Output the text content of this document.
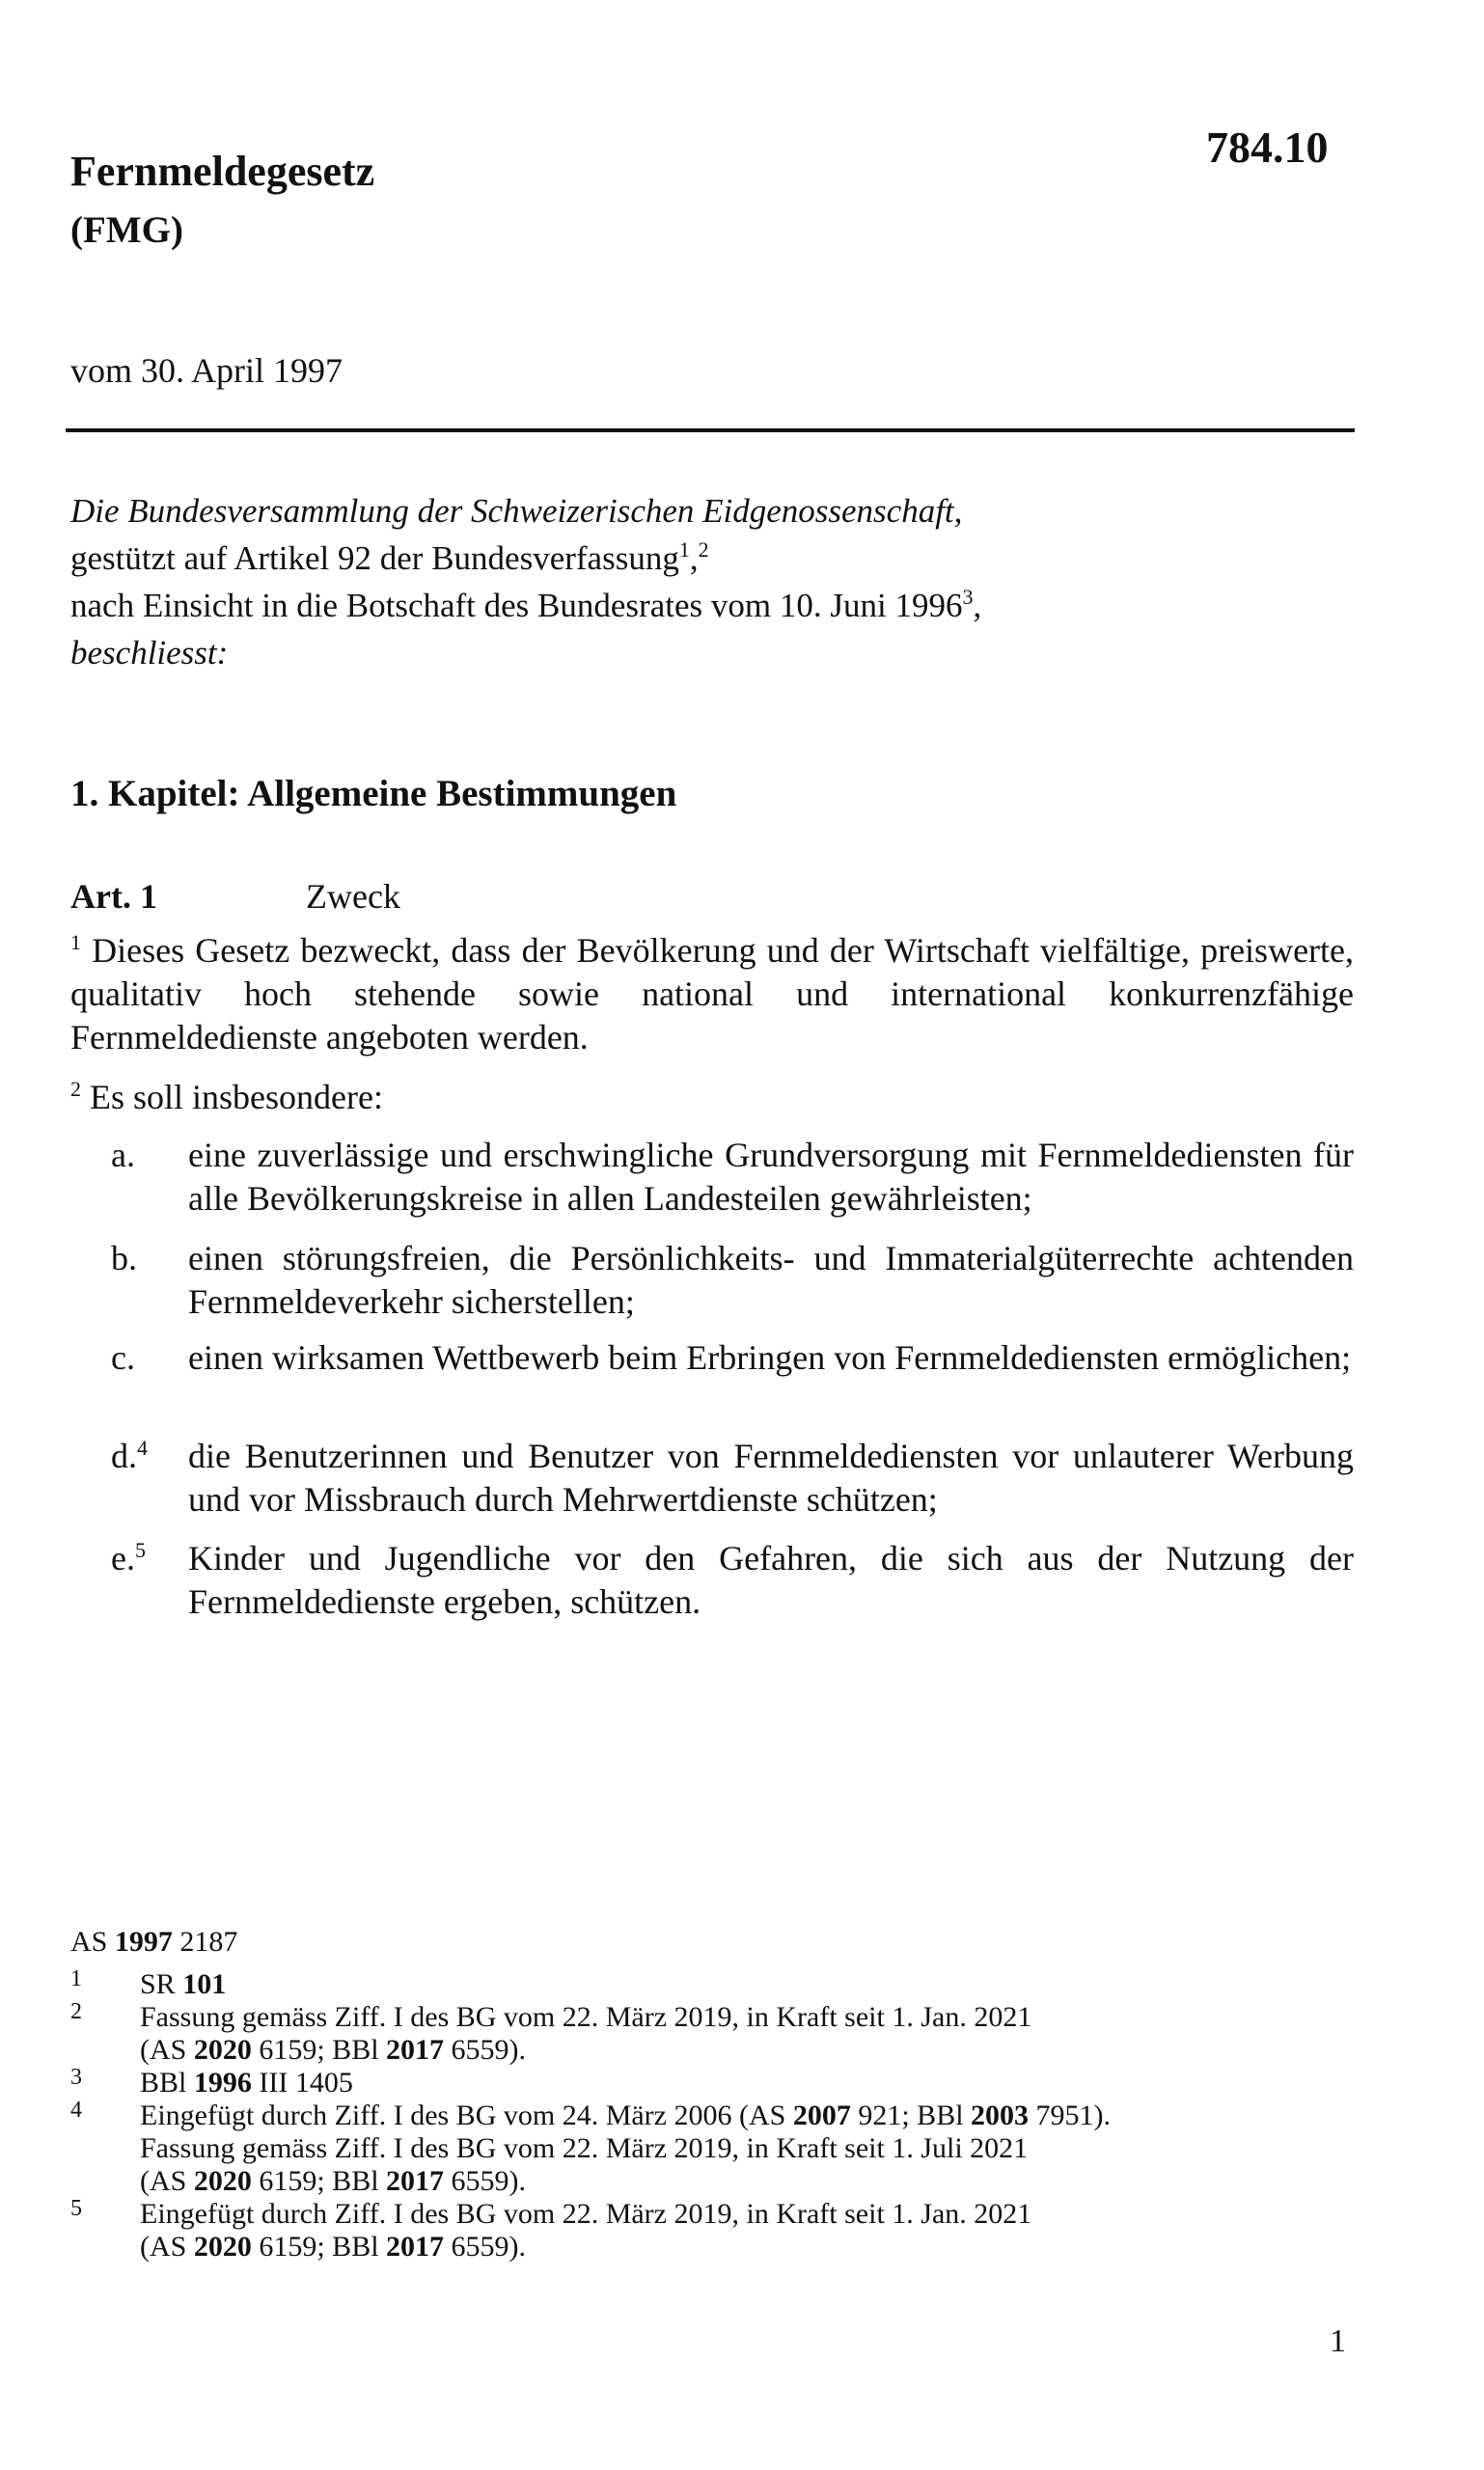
Fernmeldegesetz
(FMG)
784.10
vom 30. April 1997
Die Bundesversammlung der Schweizerischen Eidgenossenschaft,
gestützt auf Artikel 92 der Bundesverfassung$^1$,$^2$
nach Einsicht in die Botschaft des Bundesrates vom 10. Juni 1996$^3$,
beschliesst:
1. Kapitel: Allgemeine Bestimmungen
Art. 1	Zweck
$^1$ Dieses Gesetz bezweckt, dass der Bevölkerung und der Wirtschaft vielfältige, preiswerte, qualitativ hoch stehende sowie national und international konkurrenzfähige Fernmeldedienste angeboten werden.
$^2$ Es soll insbesondere:
a. eine zuverlässige und erschwingliche Grundversorgung mit Fernmeldediensten für alle Bevölkerungskreise in allen Landesteilen gewährleisten;
b. einen störungsfreien, die Persönlichkeits- und Immaterialgüterrechte achtenden Fernmeldeverkehr sicherstellen;
c. einen wirksamen Wettbewerb beim Erbringen von Fernmeldediensten ermöglichen;
d.$^4$ die Benutzerinnen und Benutzer von Fernmeldediensten vor unlauterer Werbung und vor Missbrauch durch Mehrwertdienste schützen;
e.$^5$ Kinder und Jugendliche vor den Gefahren, die sich aus der Nutzung der Fernmeldedienste ergeben, schützen.
AS 1997 2187
1 SR 101
2 Fassung gemäss Ziff. I des BG vom 22. März 2019, in Kraft seit 1. Jan. 2021
(AS 2020 6159; BBl 2017 6559).
3 BBl 1996 III 1405
4 Eingefügt durch Ziff. I des BG vom 24. März 2006 (AS 2007 921; BBl 2003 7951).
Fassung gemäss Ziff. I des BG vom 22. März 2019, in Kraft seit 1. Juli 2021
(AS 2020 6159; BBl 2017 6559).
5 Eingefügt durch Ziff. I des BG vom 22. März 2019, in Kraft seit 1. Jan. 2021
(AS 2020 6159; BBl 2017 6559).
1
